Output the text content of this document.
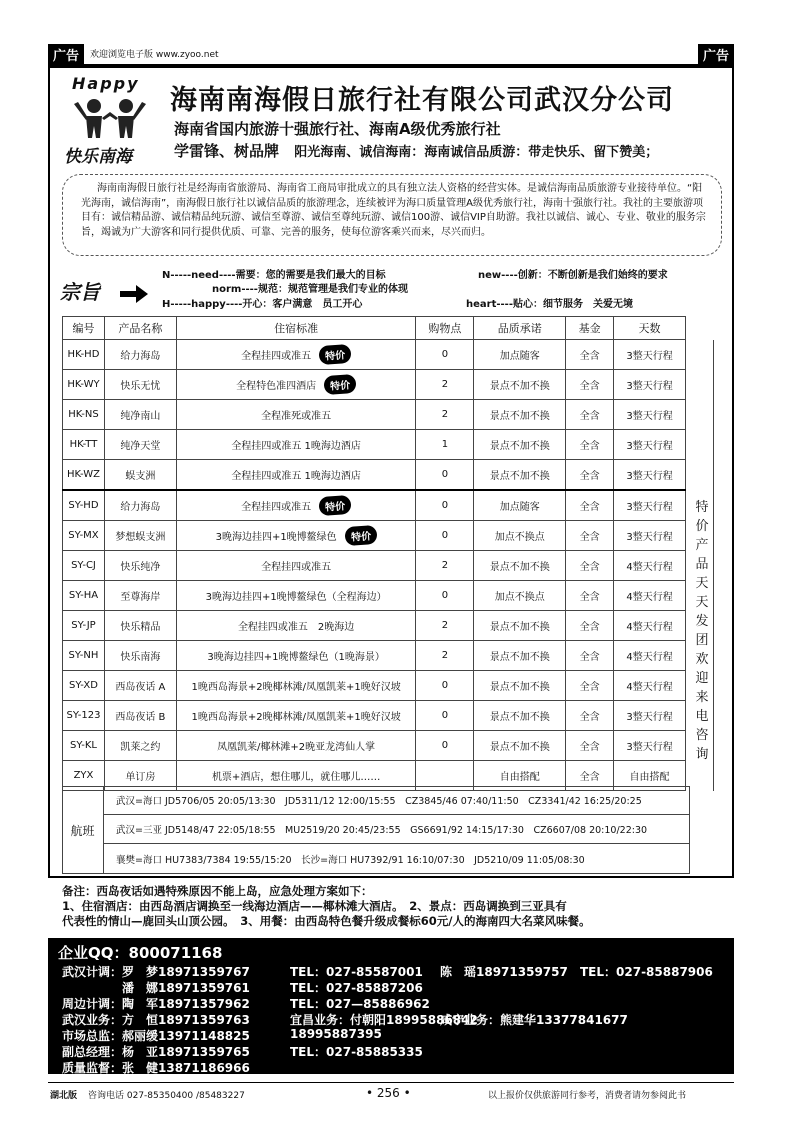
广告	广告
欢迎浏览电子版 www.zyoo.net
Happy
快乐南海
海南南海假日旅行社有限公司武汉分公司
海南省国内旅游十强旅行社、海南A级优秀旅行社
学雷锋、树品牌 阳光海南、诚信海南：海南诚信品质游：带走快乐、留下赞美；
海南南海假日旅行社是经海南省旅游局、海南省工商局审批成立的具有独立法人资格的经营实体。是诚信海南品质旅游专业接待单位。“阳光海南，诚信海南”，南海假日旅行社以诚信品质的旅游理念，连续被评为海口质量管理A级优秀旅行社，海南十强旅行社。我社的主要旅游项目有：诚信精品游、诚信精品纯玩游、诚信至尊游、诚信至尊纯玩游、诚信100游、诚信VIP自助游。我社以诚信、诚心、专业、敬业的服务宗旨，竭诚为广大游客和同行提供优质、可靠、完善的服务，使每位游客乘兴而来，尽兴而归。
宗旨
N-----need----需要：您的需要是我们最大的目标	new----创新：不断创新是我们始终的要求
norm----规范：规范管理是我们专业的体现
H-----happy----开心：客户满意　员工开心	heart----贴心：细节服务　关爱无境
编号	产品名称	住宿标准	购物点	品质承诺	基金	天数	
HK-HD	给力海岛	全程挂四或准五 特价	0	加点随客	全含	3整天行程	
HK-WY	快乐无忧	全程特色准四酒店 特价	2	景点不加不换	全含	3整天行程	
HK-NS	纯净南山	全程准死或准五	2	景点不加不换	全含	3整天行程	
HK-TT	纯净天堂	全程挂四或准五 1晚海边酒店	1	景点不加不换	全含	3整天行程	
HK-WZ	蜈支洲	全程挂四或准五 1晚海边酒店	0	景点不加不换	全含	3整天行程	
SY-HD	给力海岛	全程挂四或准五 特价	0	加点随客	全含	3整天行程	
SY-MX	梦想蜈支洲	3晚海边挂四+1晚博鳌绿色 特价	0	加点不换点	全含	3整天行程	
SY-CJ	快乐纯净	全程挂四或准五	2	景点不加不换	全含	4整天行程	
SY-HA	至尊海岸	3晚海边挂四+1晚博鳌绿色（全程海边）	0	加点不换点	全含	4整天行程	
SY-JP	快乐精品	全程挂四或准五　2晚海边	2	景点不加不换	全含	4整天行程	
SY-NH	快乐南海	3晚海边挂四+1晚博鳌绿色（1晚海景）	2	景点不加不换	全含	4整天行程	
SY-XD	西岛夜话 A	1晚西岛海景+2晚椰林滩/凤凰凯莱+1晚好汉坡	0	景点不加不换	全含	4整天行程	
SY-123	西岛夜话 B	1晚西岛海景+2晚椰林滩/凤凰凯莱+1晚好汉坡	0	景点不加不换	全含	3整天行程	
SY-KL	凯莱之约	凤凰凯莱/椰林滩+2晚亚龙湾仙人掌	0	景点不加不换	全含	3整天行程	
ZYX	单订房	机票+酒店，想住哪儿，就住哪儿……		自由搭配	全含	自由搭配	
特价产品天天发团欢迎来电咨询
航班
武汉=海口 JD5706/05 20:05/13:30　JD5311/12 12:00/15:55　CZ3845/46 07:40/11:50　CZ3341/42 16:25/20:25
武汉=三亚 JD5148/47 22:05/18:55　MU2519/20 20:45/23:55　GS6691/92 14:15/17:30　CZ6607/08 20:10/22:30
襄樊=海口 HU7383/7384 19:55/15:20　长沙=海口 HU7392/91 16:10/07:30　JD5210/09 11:05/08:30
备注：西岛夜话如遇特殊原因不能上岛，应急处理方案如下：
1、住宿酒店：由西岛酒店调换至一线海边酒店——椰林滩大酒店。　2、景点：西岛调换到三亚具有
代表性的情山—鹿回头山顶公园。　3、用餐：由西岛特色餐升级成餐标60元/人的海南四大名菜风味餐。
企业QQ：800071168
武汉计调：罗　梦18971359767	TEL：027-85587001 陈　瑶18971359757 TEL：027-85887906
　　　　　潘　娜18971359761	TEL：027-85887206
周边计调：陶　军18971357962	TEL：027—85886962
武汉业务：方　恒18971359763	宜昌业务：付朝阳18995886842
咸宁业务：熊建华13377841677
市场总监：郝丽缓13971148825	18995887395
副总经理：杨　亚18971359765	TEL：027-85885335
质量监督：张　健13871186966
湖北版 咨询电话 027-85350400 /85483227	• 256 •	以上报价仅供旅游同行参考，消费者请勿参阅此书
